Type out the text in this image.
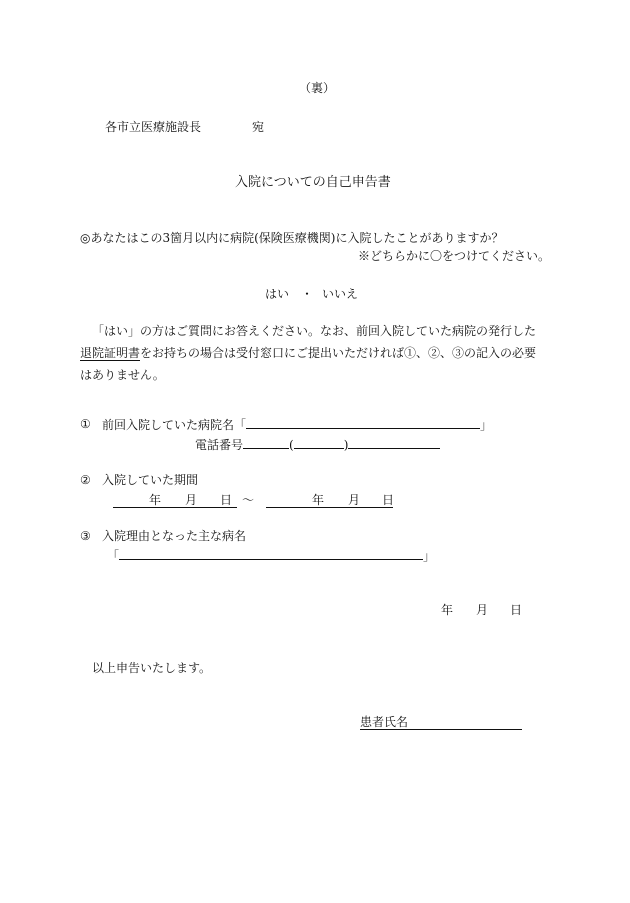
（裏）
各市立医療施設長	宛
入院についての自己申告書
◎あなたはこの3箇月以内に病院(保険医療機関)に入院したことがありますか？
※どちらかに〇をつけてください。
はい ・ いいえ
「はい」の方はご質問にお答えください。なお、前回入院していた病院の発行した退院証明書をお持ちの場合は受付窓口にご提出いただければ①、②、③の記入の必要はありません。
① 前回入院していた病院名「	」
電話番号	(	)
② 入院していた期間
年 月 日 ～	年 月 日
③ 入院理由となった主な病名
「	」
年 月 日
以上申告いたします。
患者氏名
